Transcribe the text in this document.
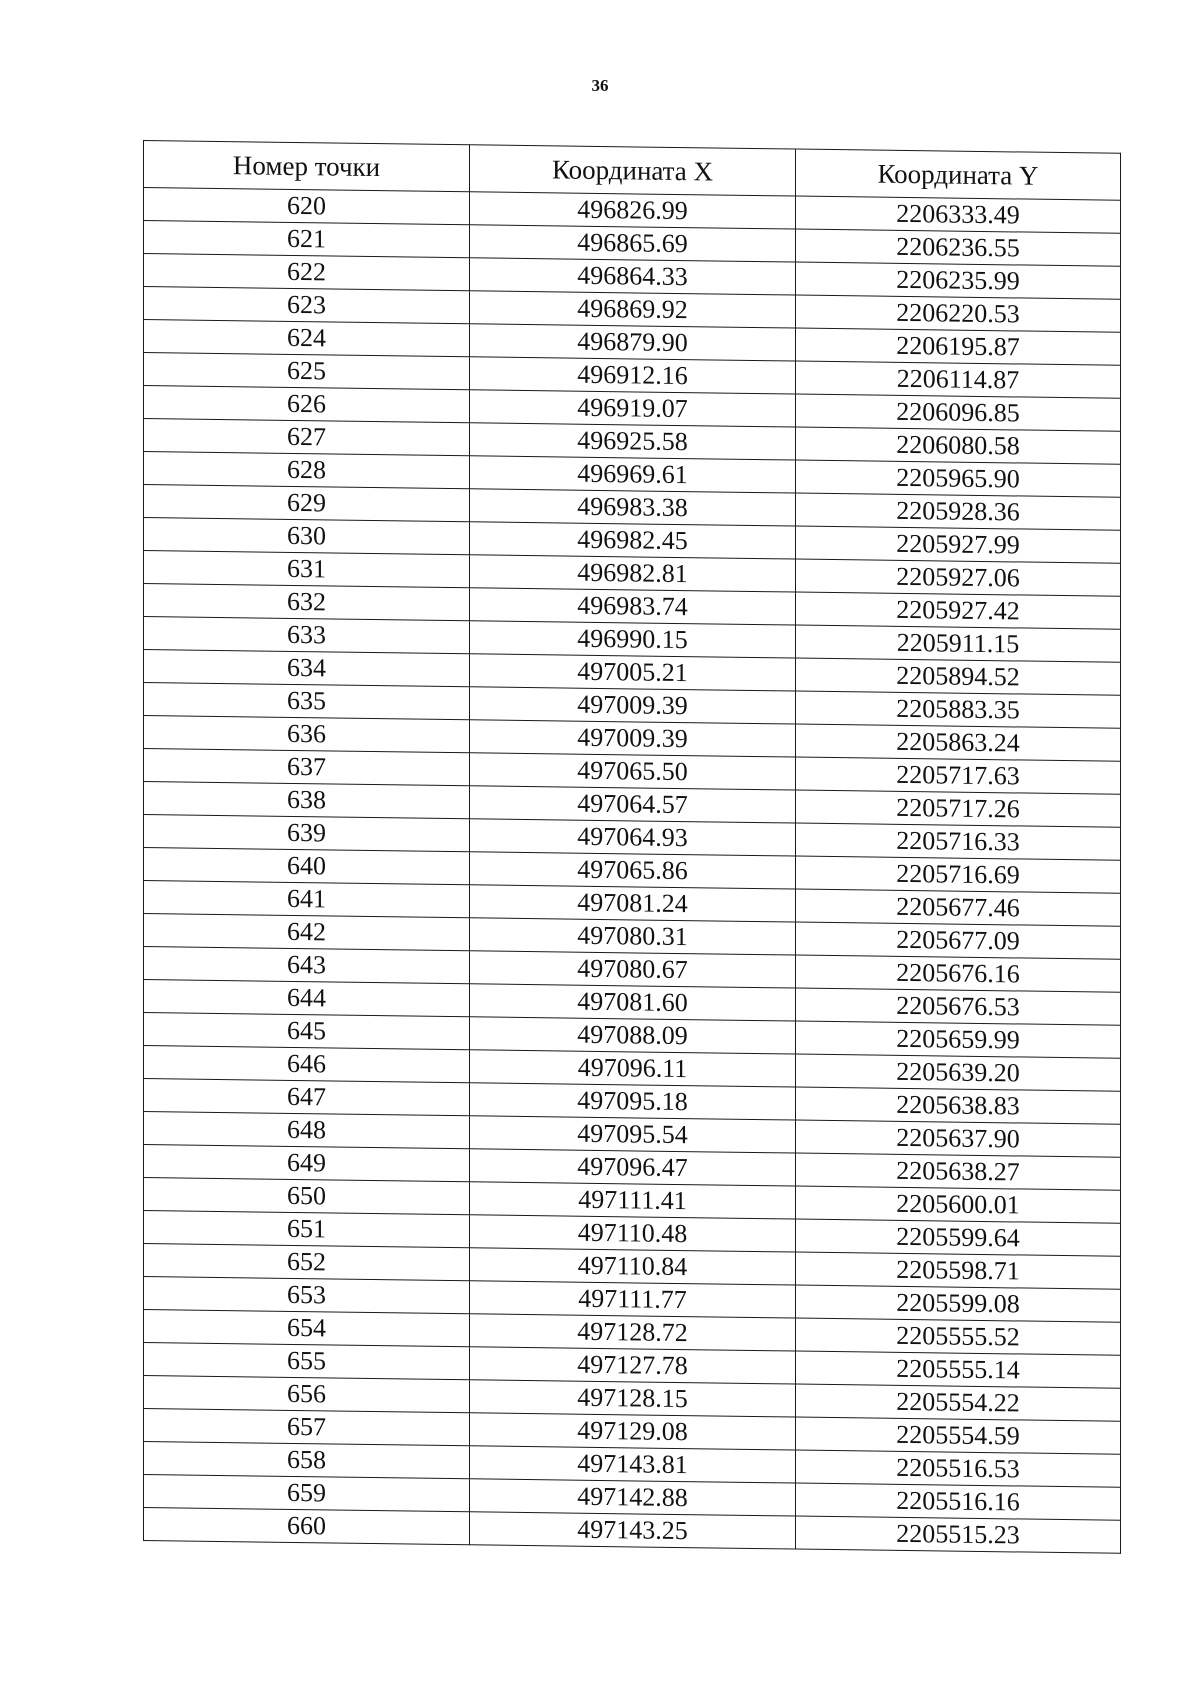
36
Номер точки	Координата X	Координата Y
620	496826.99	2206333.49
621	496865.69	2206236.55
622	496864.33	2206235.99
623	496869.92	2206220.53
624	496879.90	2206195.87
625	496912.16	2206114.87
626	496919.07	2206096.85
627	496925.58	2206080.58
628	496969.61	2205965.90
629	496983.38	2205928.36
630	496982.45	2205927.99
631	496982.81	2205927.06
632	496983.74	2205927.42
633	496990.15	2205911.15
634	497005.21	2205894.52
635	497009.39	2205883.35
636	497009.39	2205863.24
637	497065.50	2205717.63
638	497064.57	2205717.26
639	497064.93	2205716.33
640	497065.86	2205716.69
641	497081.24	2205677.46
642	497080.31	2205677.09
643	497080.67	2205676.16
644	497081.60	2205676.53
645	497088.09	2205659.99
646	497096.11	2205639.20
647	497095.18	2205638.83
648	497095.54	2205637.90
649	497096.47	2205638.27
650	497111.41	2205600.01
651	497110.48	2205599.64
652	497110.84	2205598.71
653	497111.77	2205599.08
654	497128.72	2205555.52
655	497127.78	2205555.14
656	497128.15	2205554.22
657	497129.08	2205554.59
658	497143.81	2205516.53
659	497142.88	2205516.16
660	497143.25	2205515.23
